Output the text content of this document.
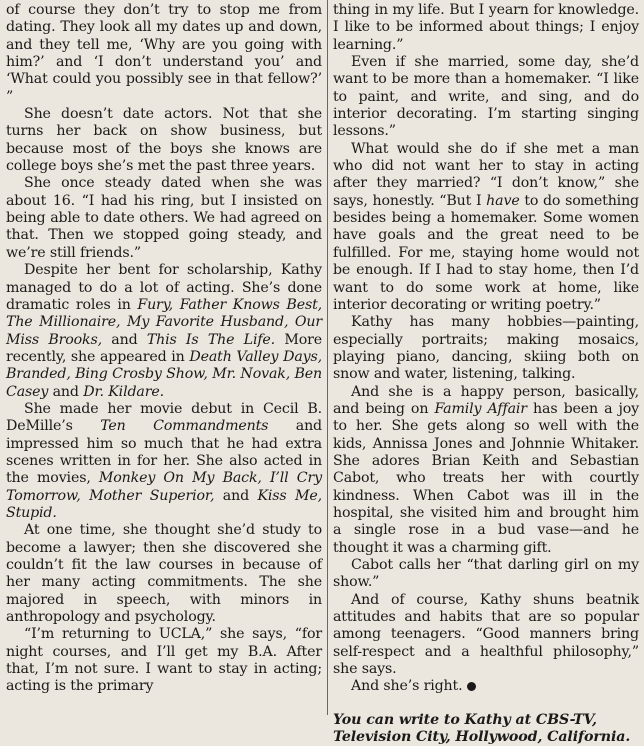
of course they don’t try to stop me from dating. They look all my dates up and down, and they tell me, ‘Why are you going with him?’ and ‘I don’t understand you’ and ‘What could you possibly see in that fellow?’ ”

She doesn’t date actors. Not that she turns her back on show business, but because most of the boys she knows are college boys she’s met the past three years.

She once steady dated when she was about 16. “I had his ring, but I insisted on being able to date others. We had agreed on that. Then we stopped going steady, and we’re still friends.”

Despite her bent for scholarship, Kathy managed to do a lot of acting. She’s done dramatic roles in Fury, Father Knows Best, The Millionaire, My Favorite Husband, Our Miss Brooks, and This Is The Life. More recently, she appeared in Death Valley Days, Branded, Bing Crosby Show, Mr. Novak, Ben Casey and Dr. Kildare.

She made her movie debut in Cecil B. DeMille’s Ten Commandments and impressed him so much that he had extra scenes written in for her. She also acted in the movies, Monkey On My Back, I’ll Cry Tomorrow, Mother Superior, and Kiss Me, Stupid.

At one time, she thought she’d study to become a lawyer; then she discovered she couldn’t fit the law courses in because of her many acting commitments. The she majored in speech, with minors in anthropology and psychology.

“I’m returning to UCLA,” she says, “for night courses, and I’ll get my B.A. After that, I’m not sure. I want to stay in acting; acting is the primary

thing in my life. But I yearn for knowledge. I like to be informed about things; I enjoy learning.”

Even if she married, some day, she’d want to be more than a homemaker. “I like to paint, and write, and sing, and do interior decorating. I’m starting singing lessons.”

What would she do if she met a man who did not want her to stay in acting after they married? “I don’t know,” she says, honestly. “But I have to do something besides being a homemaker. Some women have goals and the great need to be fulfilled. For me, staying home would not be enough. If I had to stay home, then I’d want to do some work at home, like interior decorating or writing poetry.”

Kathy has many hobbies—painting, especially portraits; making mosaics, playing piano, dancing, skiing both on snow and water, listening, talking.

And she is a happy person, basically, and being on Family Affair has been a joy to her. She gets along so well with the kids, Annissa Jones and Johnnie Whitaker. She adores Brian Keith and Sebastian Cabot, who treats her with courtly kindness. When Cabot was ill in the hospital, she visited him and brought him a single rose in a bud vase—and he thought it was a charming gift.

Cabot calls her “that darling girl on my show.”

And of course, Kathy shuns beatnik attitudes and habits that are so popular among teenagers. “Good manners bring self-respect and a healthful philosophy,” she says.

And she’s right.

You can write to Kathy at CBS-TV, Television City, Hollywood, California.
